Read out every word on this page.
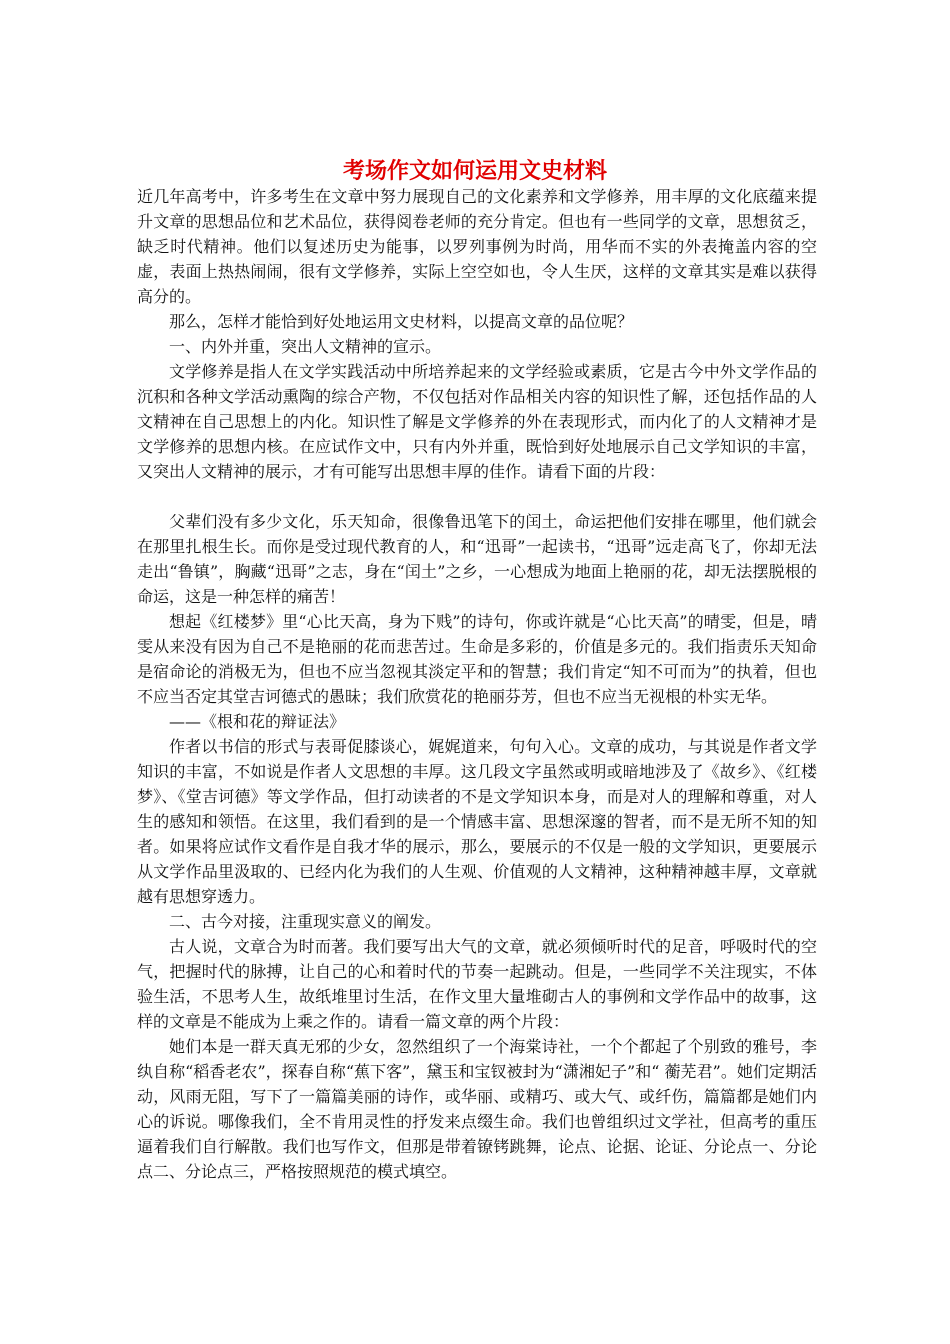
考场作文如何运用文史材料

近几年高考中，许多考生在文章中努力展现自己的文化素养和文学修养，用丰厚的文化底蕴来提升文章的思想品位和艺术品位，获得阅卷老师的充分肯定。但也有一些同学的文章，思想贫乏，缺乏时代精神。他们以复述历史为能事，以罗列事例为时尚，用华而不实的外表掩盖内容的空虚，表面上热热闹闹，很有文学修养，实际上空空如也，令人生厌，这样的文章其实是难以获得高分的。

那么，怎样才能恰到好处地运用文史材料，以提高文章的品位呢？

一、内外并重，突出人文精神的宣示。

文学修养是指人在文学实践活动中所培养起来的文学经验或素质，它是古今中外文学作品的沉积和各种文学活动熏陶的综合产物，不仅包括对作品相关内容的知识性了解，还包括作品的人文精神在自己思想上的内化。知识性了解是文学修养的外在表现形式，而内化了的人文精神才是文学修养的思想内核。在应试作文中，只有内外并重，既恰到好处地展示自己文学知识的丰富，又突出人文精神的展示，才有可能写出思想丰厚的佳作。请看下面的片段：

父辈们没有多少文化，乐天知命，很像鲁迅笔下的闰土，命运把他们安排在哪里，他们就会在那里扎根生长。而你是受过现代教育的人，和“迅哥”一起读书，“迅哥”远走高飞了，你却无法走出“鲁镇”，胸藏“迅哥”之志，身在“闰土”之乡，一心想成为地面上艳丽的花，却无法摆脱根的命运，这是一种怎样的痛苦！

想起《红楼梦》里“心比天高，身为下贱”的诗句，你或许就是“心比天高”的晴雯，但是，晴雯从来没有因为自己不是艳丽的花而悲苦过。生命是多彩的，价值是多元的。我们指责乐天知命是宿命论的消极无为，但也不应当忽视其淡定平和的智慧；我们肯定“知不可而为”的执着，但也不应当否定其堂吉诃德式的愚昧；我们欣赏花的艳丽芬芳，但也不应当无视根的朴实无华。

——《根和花的辩证法》

作者以书信的形式与表哥促膝谈心，娓娓道来，句句入心。文章的成功，与其说是作者文学知识的丰富，不如说是作者人文思想的丰厚。这几段文字虽然或明或暗地涉及了《故乡》、《红楼梦》、《堂吉诃德》等文学作品，但打动读者的不是文学知识本身，而是对人的理解和尊重，对人生的感知和领悟。在这里，我们看到的是一个情感丰富、思想深邃的智者，而不是无所不知的知者。如果将应试作文看作是自我才华的展示，那么，要展示的不仅是一般的文学知识，更要展示从文学作品里汲取的、已经内化为我们的人生观、价值观的人文精神，这种精神越丰厚，文章就越有思想穿透力。

二、古今对接，注重现实意义的阐发。

古人说，文章合为时而著。我们要写出大气的文章，就必须倾听时代的足音，呼吸时代的空气，把握时代的脉搏，让自己的心和着时代的节奏一起跳动。但是，一些同学不关注现实，不体验生活，不思考人生，故纸堆里讨生活，在作文里大量堆砌古人的事例和文学作品中的故事，这样的文章是不能成为上乘之作的。请看一篇文章的两个片段：

她们本是一群天真无邪的少女，忽然组织了一个海棠诗社，一个个都起了个别致的雅号，李纨自称“稻香老农”，探春自称“蕉下客”，黛玉和宝钗被封为“潇湘妃子”和“ 蘅芜君”。她们定期活动，风雨无阻，写下了一篇篇美丽的诗作，或华丽、或精巧、或大气、或纤伤，篇篇都是她们内心的诉说。哪像我们，全不肯用灵性的抒发来点缀生命。我们也曾组织过文学社，但高考的重压逼着我们自行解散。我们也写作文，但那是带着镣铐跳舞，论点、论据、论证、分论点一、分论点二、分论点三，严格按照规范的模式填空。
